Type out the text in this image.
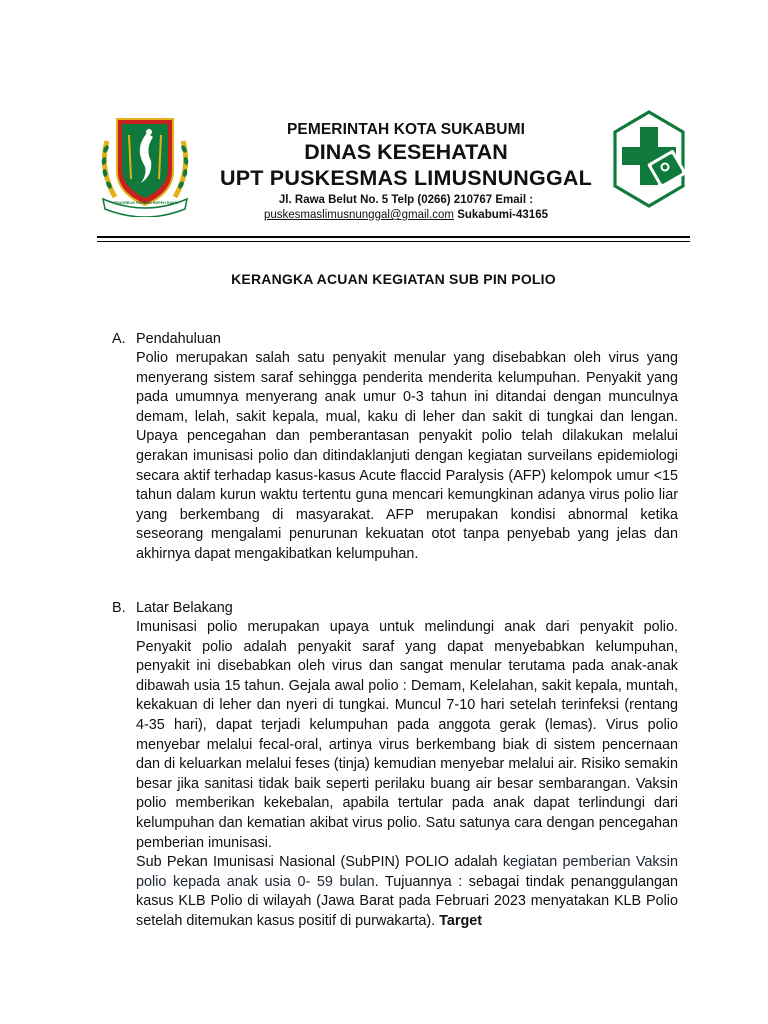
REUGREUG PAGEUH REPEH RAPIH
PEMERINTAH KOTA SUKABUMI
DINAS KESEHATAN
UPT PUSKESMAS LIMUSNUNGGAL
Jl. Rawa Belut No. 5 Telp (0266) 210767 Email :
puskesmaslimusnunggal@gmail.com Sukabumi-43165
KERANGKA ACUAN KEGIATAN SUB PIN POLIO
A. Pendahuluan
Polio merupakan salah satu penyakit menular yang disebabkan oleh virus yang menyerang sistem saraf sehingga penderita menderita kelumpuhan. Penyakit yang pada umumnya menyerang anak umur 0-3 tahun ini ditandai dengan munculnya demam, lelah, sakit kepala, mual, kaku di leher dan sakit di tungkai dan lengan. Upaya pencegahan dan pemberantasan penyakit polio telah dilakukan melalui gerakan imunisasi polio dan ditindaklanjuti dengan kegiatan surveilans epidemiologi secara aktif terhadap kasus-kasus Acute flaccid Paralysis (AFP) kelompok umur <15 tahun dalam kurun waktu tertentu guna mencari kemungkinan adanya virus polio liar yang berkembang di masyarakat. AFP merupakan kondisi abnormal ketika seseorang mengalami penurunan kekuatan otot tanpa penyebab yang jelas dan akhirnya dapat mengakibatkan kelumpuhan.
B. Latar Belakang
Imunisasi polio merupakan upaya untuk melindungi anak dari penyakit polio. Penyakit polio adalah penyakit saraf yang dapat menyebabkan kelumpuhan, penyakit ini disebabkan oleh virus dan sangat menular terutama pada anak-anak dibawah usia 15 tahun. Gejala awal polio : Demam, Kelelahan, sakit kepala, muntah, kekakuan di leher dan nyeri di tungkai. Muncul 7-10 hari setelah terinfeksi (rentang 4-35 hari), dapat terjadi kelumpuhan pada anggota gerak (lemas). Virus polio menyebar melalui fecal-oral, artinya virus berkembang biak di sistem pencernaan dan di keluarkan melalui feses (tinja) kemudian menyebar melalui air. Risiko semakin besar jika sanitasi tidak baik seperti perilaku buang air besar sembarangan. Vaksin polio memberikan kekebalan, apabila tertular pada anak dapat terlindungi dari kelumpuhan dan kematian akibat virus polio. Satu satunya cara dengan pencegahan pemberian imunisasi.
Sub Pekan Imunisasi Nasional (SubPIN) POLIO adalah kegiatan pemberian Vaksin polio kepada anak usia 0- 59 bulan. Tujuannya : sebagai tindak penanggulangan kasus KLB Polio di wilayah (Jawa Barat pada Februari 2023 menyatakan KLB Polio setelah ditemukan kasus positif di purwakarta). Target
